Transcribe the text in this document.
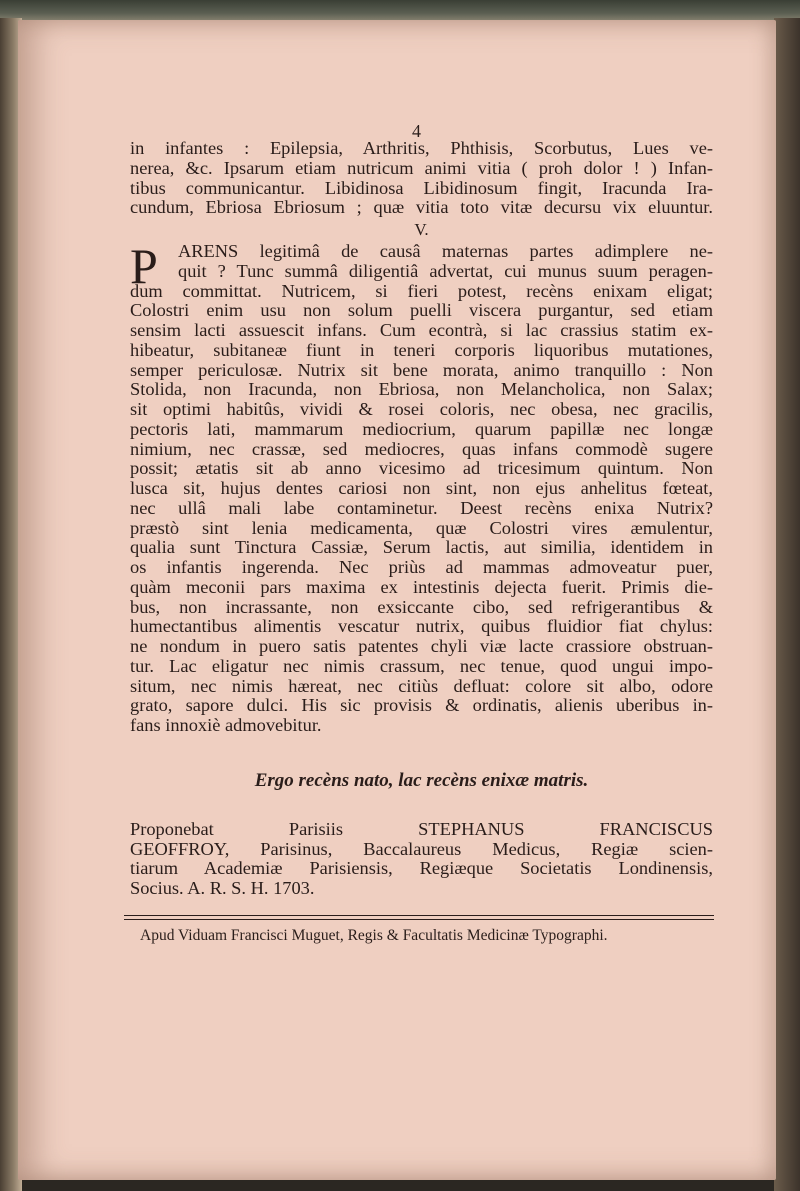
4
in infantes : Epilepsia, Arthritis, Phthisis, Scorbutus, Lues ve-
nerea, &c. Ipsarum etiam nutricum animi vitia ( proh dolor ! ) Infan-
tibus communicantur. Libidinosa Libidinosum fingit, Iracunda Ira-
cundum, Ebriosa Ebriosum ; quæ vitia toto vitæ decursu vix eluuntur.
V.
P	ARENS legitimâ de causâ maternas partes adimplere ne-
quit ? Tunc summâ diligentiâ advertat, cui munus suum peragen-
dum committat. Nutricem, si fieri potest, recèns enixam eligat;
Colostri enim usu non solum puelli viscera purgantur, sed etiam
sensim lacti assuescit infans. Cum econtrà, si lac crassius statim ex-
hibeatur, subitaneæ fiunt in teneri corporis liquoribus mutationes,
semper periculosæ. Nutrix sit bene morata, animo tranquillo : Non
Stolida, non Iracunda, non Ebriosa, non Melancholica, non Salax;
sit optimi habitûs, vividi & rosei coloris, nec obesa, nec gracilis,
pectoris lati, mammarum mediocrium, quarum papillæ nec longæ
nimium, nec crassæ, sed mediocres, quas infans commodè sugere
possit; ætatis sit ab anno vicesimo ad tricesimum quintum. Non
lusca sit, hujus dentes cariosi non sint, non ejus anhelitus fœteat,
nec ullâ mali labe contaminetur. Deest recèns enixa Nutrix?
præstò sint lenia medicamenta, quæ Colostri vires æmulentur,
qualia sunt Tinctura Cassiæ, Serum lactis, aut similia, identidem in
os infantis ingerenda. Nec priùs ad mammas admoveatur puer,
quàm meconii pars maxima ex intestinis dejecta fuerit. Primis die-
bus, non incrassante, non exsiccante cibo, sed refrigerantibus &
humectantibus alimentis vescatur nutrix, quibus fluidior fiat chylus:
ne nondum in puero satis patentes chyli viæ lacte crassiore obstruan-
tur. Lac eligatur nec nimis crassum, nec tenue, quod ungui impo-
situm, nec nimis hæreat, nec citiùs defluat: colore sit albo, odore
grato, sapore dulci. His sic provisis & ordinatis, alienis uberibus in-
fans innoxiè admovebitur.
Ergo recèns nato, lac recèns enixæ matris.
Proponebat Parisiis STEPHANUS FRANCISCUS
GEOFFROY, Parisinus, Baccalaureus Medicus, Regiæ scien-
tiarum Academiæ Parisiensis, Regiæque Societatis Londinensis,
Socius. A. R. S. H. 1703.
Apud Viduam Francisci Muguet, Regis & Facultatis Medicinæ Typographi.
